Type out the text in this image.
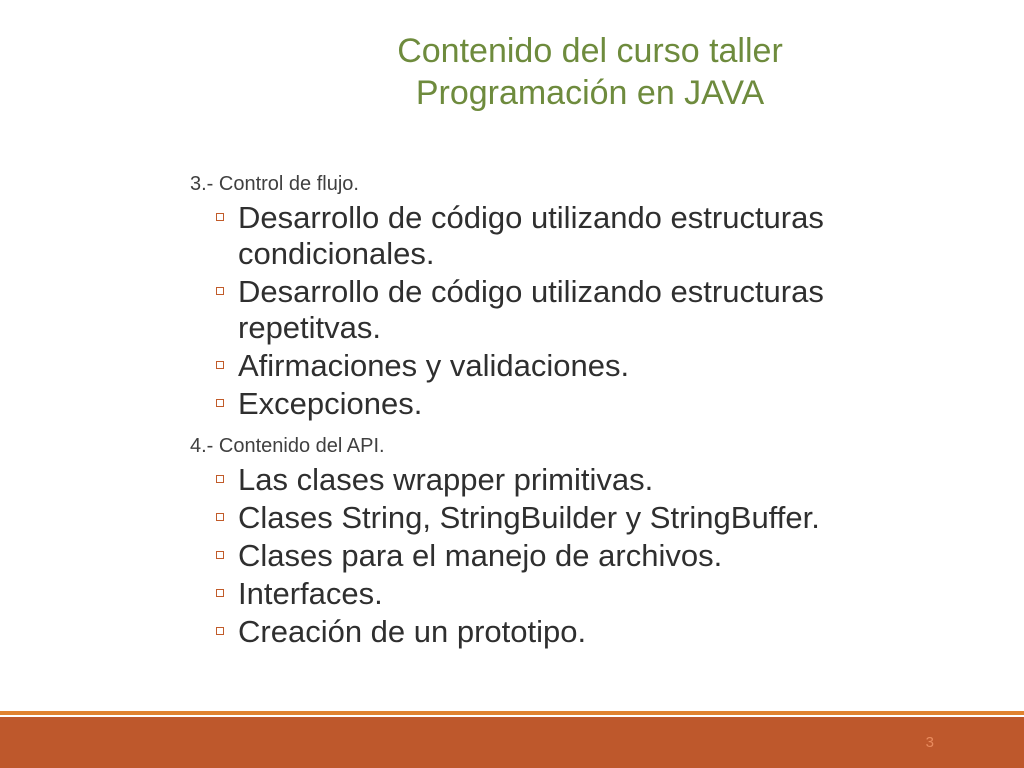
Contenido del curso taller
Programación en JAVA
3.- Control de flujo.
Desarrollo de código utilizando estructuras condicionales.
Desarrollo de código utilizando estructuras repetitvas.
Afirmaciones y validaciones.
Excepciones.
4.- Contenido del API.
Las clases wrapper primitivas.
Clases String, StringBuilder y StringBuffer.
Clases para el manejo de archivos.
Interfaces.
Creación de un prototipo.
3
